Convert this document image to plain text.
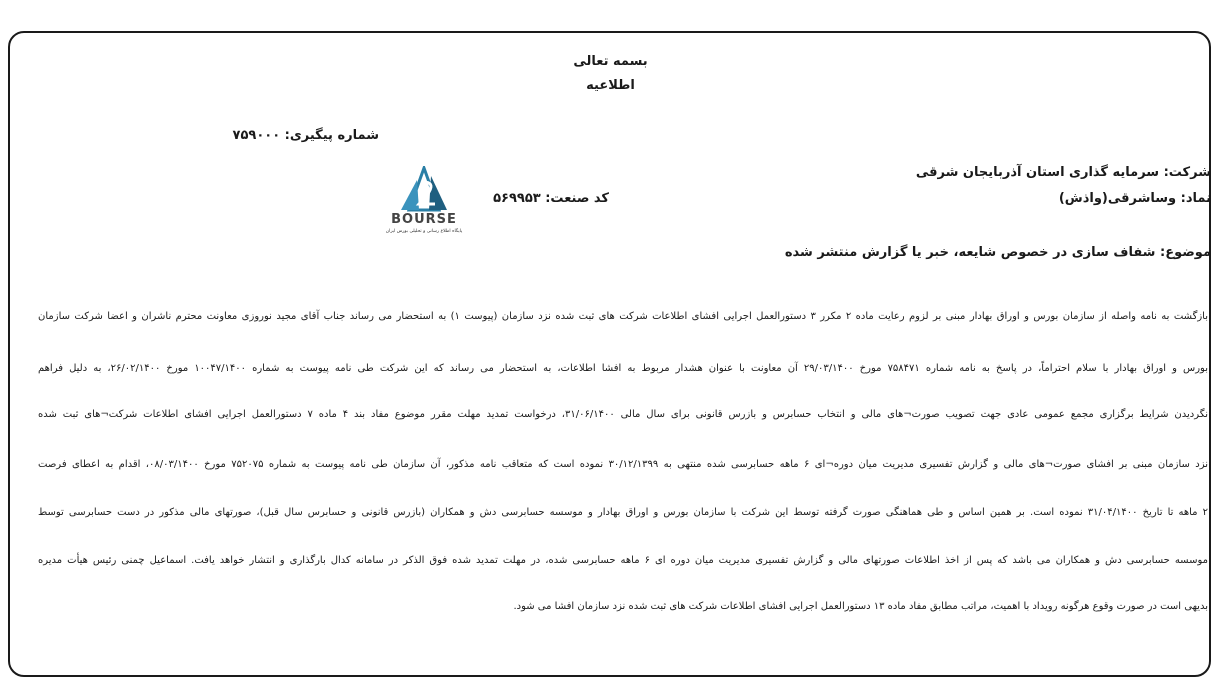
بسمه تعالی
اطلاعیه
شماره پیگیری: ۷۵۹۰۰۰
شرکت: سرمایه گذاری استان آذربایجان شرقی
نماد: وساشرقی(واذش)
کد صنعت: ۵۶۹۹۵۳
BOURSE
پایگاه اطلاع رسانی و تحلیلی بورس ایران
موضوع: شفاف سازی در خصوص شایعه، خبر یا گزارش منتشر شده
بازگشت به نامه واصله از سازمان بورس و اوراق بهادار مبنی بر لزوم رعایت ماده ۲ مکرر ۳ دستورالعمل اجرایی افشای اطلاعات شرکت های ثبت شده نزد سازمان (پیوست ۱) به استحضار می رساند جناب آقای مجید نوروزی معاونت محترم ناشران و اعضا شرکت سازمان
بورس و اوراق بهادار با سلام احتراماً، در پاسخ به نامه شماره ۷۵۸۴۷۱ مورخ ۲۹/۰۳/۱۴۰۰ آن معاونت با عنوان هشدار مربوط به افشا اطلاعات، به استحضار می رساند که این شرکت طی نامه پیوست به شماره ۱۰۰۴۷/۱۴۰۰ مورخ ۲۶/۰۲/۱۴۰۰، به دلیل فراهم
نگردیدن شرایط برگزاری مجمع عمومی عادی جهت تصویب صورت¬های مالی و انتخاب حسابرس و بازرس قانونی برای سال مالی ۳۱/۰۶/۱۴۰۰، درخواست تمدید مهلت مقرر موضوع مفاد بند ۴ ماده ۷ دستورالعمل اجرایی افشای اطلاعات شرکت¬های ثبت شده
نزد سازمان مبنی بر افشای صورت¬های مالی و گزارش تفسیری مدیریت میان دوره¬ای ۶ ماهه حسابرسی شده منتهی به ۳۰/۱۲/۱۳۹۹ نموده است که متعاقب نامه مذکور، آن سازمان طی نامه پیوست به شماره ۷۵۲۰۷۵ مورخ ۰۸/۰۳/۱۴۰۰، اقدام به اعطای فرصت
۲ ماهه تا تاریخ ۳۱/۰۴/۱۴۰۰ نموده است. بر همین اساس و طی هماهنگی صورت گرفته توسط این شرکت با سازمان بورس و اوراق بهادار و موسسه حسابرسی دش و همکاران (بازرس قانونی و حسابرس سال قبل)، صورتهای مالی مذکور در دست حسابرسی توسط
موسسه حسابرسی دش و همکاران می باشد که پس از اخذ اطلاعات صورتهای مالی و گزارش تفسیری مدیریت میان دوره ای ۶ ماهه حسابرسی شده، در مهلت تمدید شده فوق الذکر در سامانه کدال بارگذاری و انتشار خواهد یافت. اسماعیل چمنی رئیس هیأت مدیره
بدیهی است در صورت وقوع هرگونه رویداد با اهمیت، مراتب مطابق مفاد ماده ۱۳ دستورالعمل اجرایی افشای اطلاعات شرکت های ثبت شده نزد سازمان افشا می شود.
